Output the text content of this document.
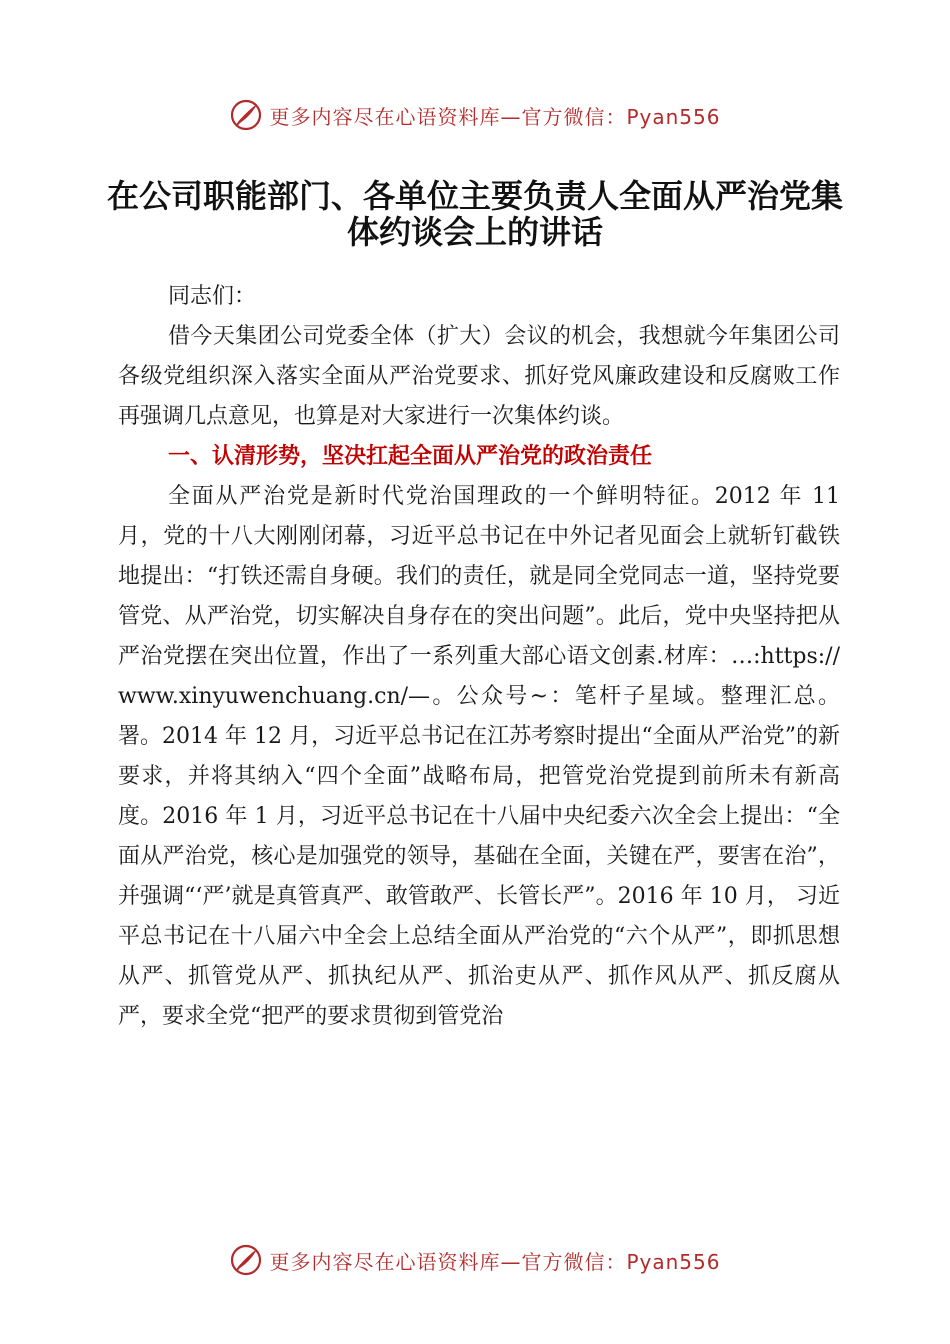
更多内容尽在心语资料库—官方微信：Pyan556
在公司职能部门、各单位主要负责人全面从严治党集体约谈会上的讲话

同志们：

借今天集团公司党委全体（扩大）会议的机会，我想就今年集团公司各级党组织深入落实全面从严治党要求、抓好党风廉政建设和反腐败工作再强调几点意见，也算是对大家进行一次集体约谈。

一、认清形势，坚决扛起全面从严治党的政治责任

全面从严治党是新时代党治国理政的一个鲜明特征。2012 年 11 月，党的十八大刚刚闭幕，习近平总书记在中外记者见面会上就斩钉截铁地提出：“打铁还需自身硬。我们的责任，就是同全党同志一道，坚持党要管党、从严治党，切实解决自身存在的突出问题”。此后，党中央坚持把从严治党摆在突出位置，作出了一系列重大部心语文创素.材库：…:https://www.xinyuwenchuang.cn/—。公众号~：笔杆子星域。整理汇总。署。2014 年 12 月，习近平总书记在江苏考察时提出“全面从严治党”的新要求，并将其纳入“四个全面”战略布局，把管党治党提到前所未有新高度。2016 年 1 月，习近平总书记在十八届中央纪委六次全会上提出：“全面从严治党，核心是加强党的领导，基础在全面，关键在严，要害在治”，并强调“‘严’就是真管真严、敢管敢严、长管长严”。2016 年 10 月， 习近平总书记在十八届六中全会上总结全面从严治党的“六个从严”，即抓思想从严、抓管党从严、抓执纪从严、抓治吏从严、抓作风从严、抓反腐从严，要求全党“把严的要求贯彻到管党治

更多内容尽在心语资料库—官方微信：Pyan556
